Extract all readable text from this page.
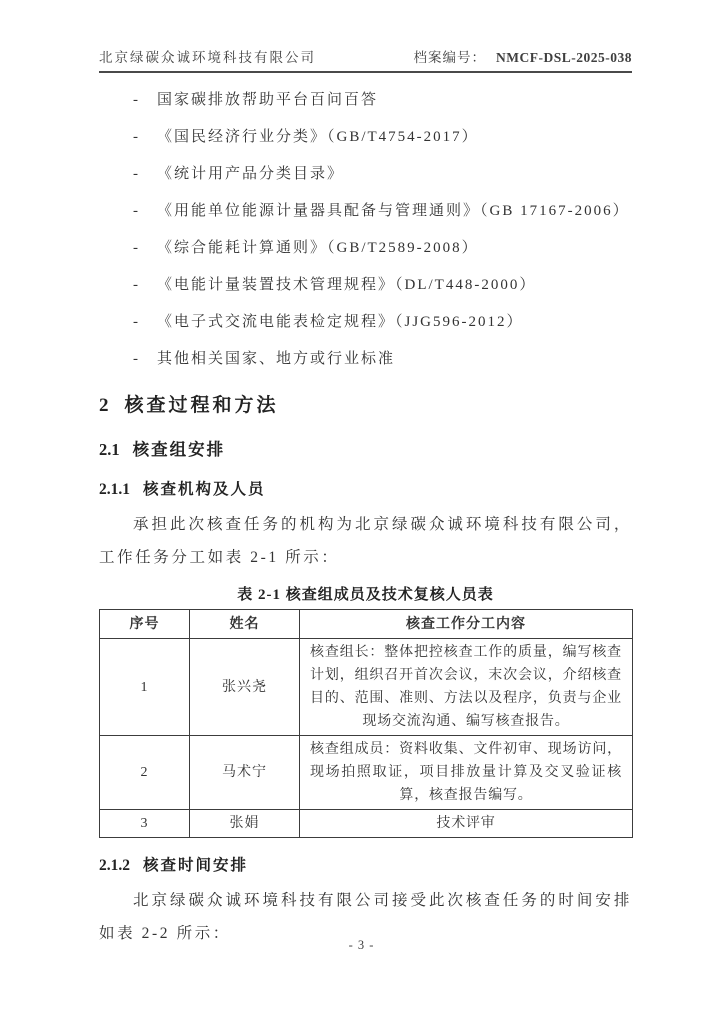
北京绿碳众诚环境科技有限公司	档案编号： NMCF-DSL-2025-038
-	国家碳排放帮助平台百问百答
-	《国民经济行业分类》（GB/T4754-2017）
-	《统计用产品分类目录》
-	《用能单位能源计量器具配备与管理通则》（GB 17167-2006）
-	《综合能耗计算通则》（GB/T2589-2008）
-	《电能计量装置技术管理规程》（DL/T448-2000）
-	《电子式交流电能表检定规程》（JJG596-2012）
-	其他相关国家、地方或行业标准
2 核查过程和方法
2.1 核查组安排
2.1.1 核查机构及人员

承担此次核查任务的机构为北京绿碳众诚环境科技有限公司，工作任务分工如表 2-1 所示：

表 2-1 核查组成员及技术复核人员表
序号	姓名	核查工作分工内容
1	张兴尧	核查组长：整体把控核查工作的质量，编写核查计划，组织召开首次会议，末次会议，介绍核查目的、范围、准则、方法以及程序，负责与企业现场交流沟通、编写核查报告。
2	马术宁	核查组成员：资料收集、文件初审、现场访问，现场拍照取证，项目排放量计算及交叉验证核算，核查报告编写。
3	张娟	技术评审
2.1.2 核查时间安排

北京绿碳众诚环境科技有限公司接受此次核查任务的时间安排如表 2-2 所示：

- 3 -
